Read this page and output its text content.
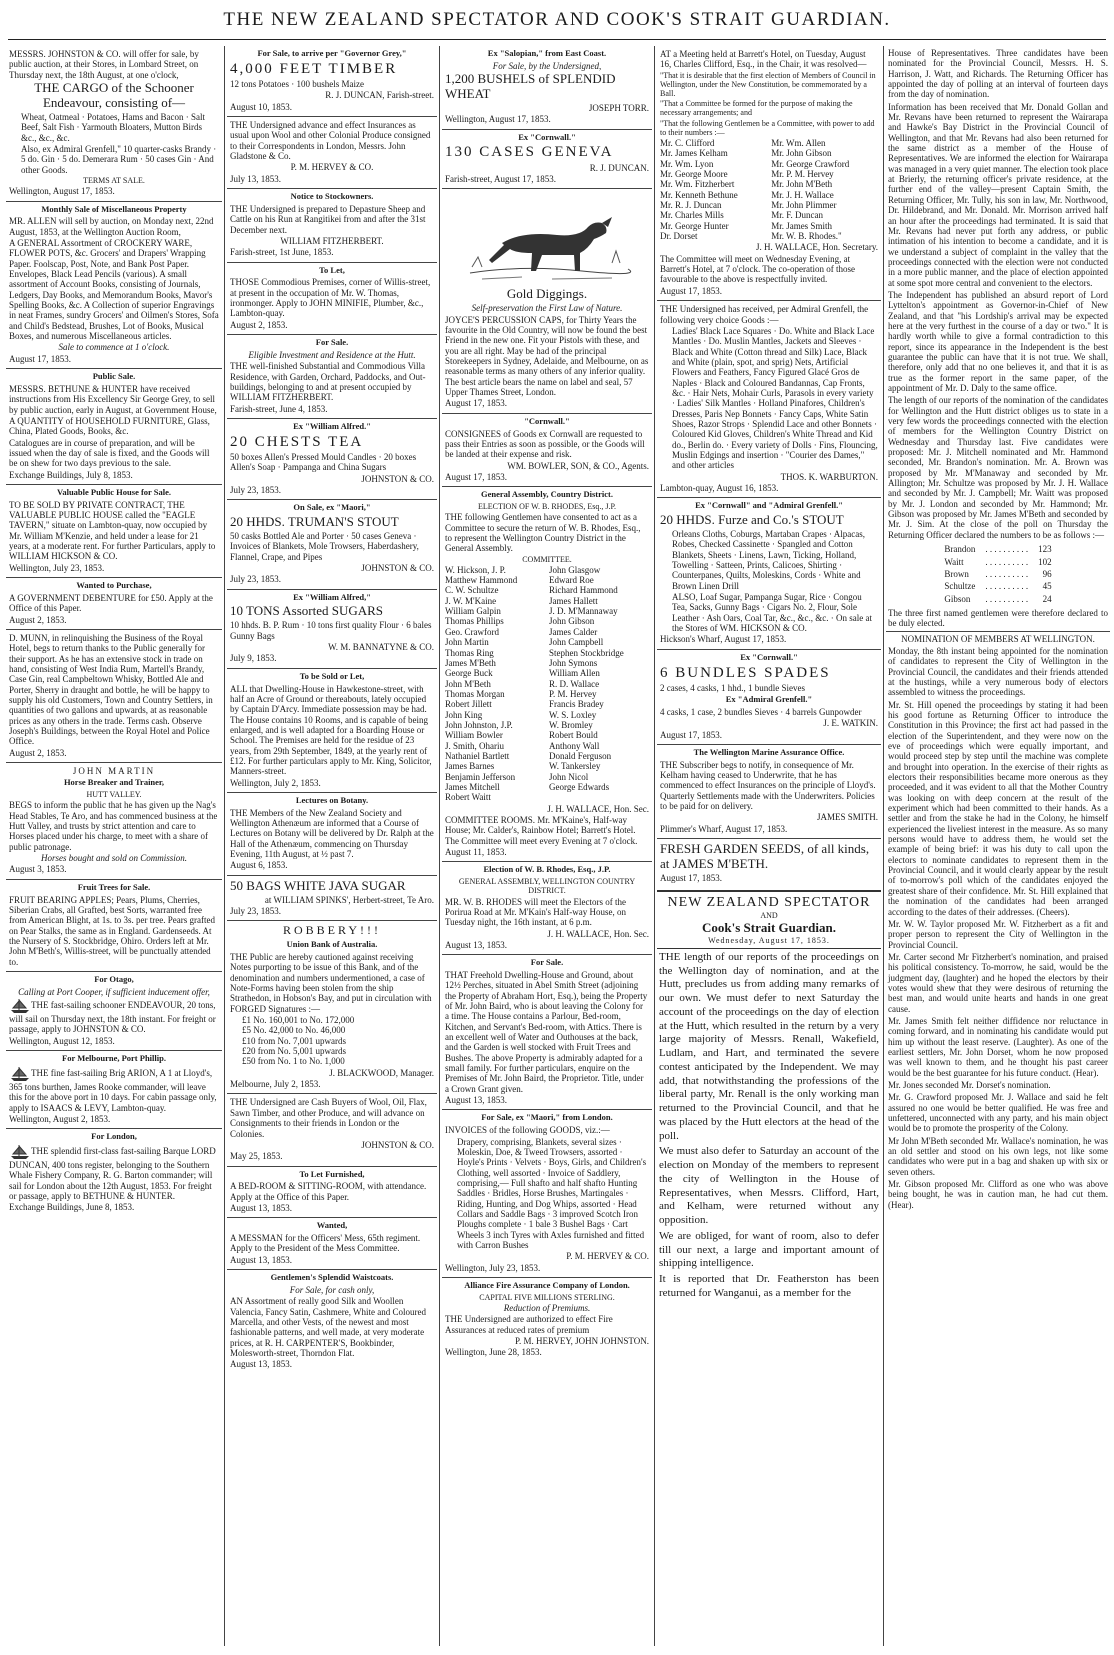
THE NEW ZEALAND SPECTATOR AND COOK'S STRAIT GUARDIAN.

MESSRS. JOHNSTON & CO. will offer for sale, by public auction, at their Stores, in Lombard Street, on Thursday next, the 18th August, at one o'clock,

THE CARGO of the Schooner Endeavour, consisting of—

Wheat, Oatmeal · Potatoes, Hams and Bacon · Salt Beef, Salt Fish · Yarmouth Bloaters, Mutton Birds &c., &c., &c.

Also, ex Admiral Grenfell," 10 quarter-casks Brandy · 5 do. Gin · 5 do. Demerara Rum · 50 cases Gin · And other Goods.

TERMS AT SALE.

Wellington, August 17, 1853.

Monthly Sale of Miscellaneous Property

MR. ALLEN will sell by auction, on Monday next, 22nd August, 1853, at the Wellington Auction Room,

A GENERAL Assortment of CROCKERY WARE, FLOWER POTS, &c. Grocers' and Drapers' Wrapping Paper. Foolscap, Post, Note, and Bank Post Paper. Envelopes, Black Lead Pencils (various). A small assortment of Account Books, consisting of Journals, Ledgers, Day Books, and Memorandum Books, Mavor's Spelling Books, &c. A Collection of superior Engravings in neat Frames, sundry Grocers' and Oilmen's Stores, Sofa and Child's Bedstead, Brushes, Lot of Books, Musical Boxes, and numerous Miscellaneous articles.

Sale to commence at 1 o'clock.

August 17, 1853.

Public Sale.

MESSRS. BETHUNE & HUNTER have received instructions from His Excellency Sir George Grey, to sell by public auction, early in August, at Government House,

A QUANTITY of HOUSEHOLD FURNITURE, Glass, China, Plated Goods, Books, &c.

Catalogues are in course of preparation, and will be issued when the day of sale is fixed, and the Goods will be on shew for two days previous to the sale.

Exchange Buildings, July 8, 1853.

Valuable Public House for Sale.

TO BE SOLD BY PRIVATE CONTRACT, THE VALUABLE PUBLIC HOUSE called the "EAGLE TAVERN," situate on Lambton-quay, now occupied by Mr. William M'Kenzie, and held under a lease for 21 years, at a moderate rent. For further Particulars, apply to WILLIAM HICKSON & CO.

Wellington, July 23, 1853.

Wanted to Purchase,

A GOVERNMENT DEBENTURE for £50. Apply at the Office of this Paper.

August 2, 1853.

D. MUNN, in relinquishing the Business of the Royal Hotel, begs to return thanks to the Public generally for their support. As he has an extensive stock in trade on hand, consisting of West India Rum, Martell's Brandy, Case Gin, real Campbeltown Whisky, Bottled Ale and Porter, Sherry in draught and bottle, he will be happy to supply his old Customers, Town and Country Settlers, in quantities of two gallons and upwards, at as reasonable prices as any others in the trade. Terms cash. Observe Joseph's Buildings, between the Royal Hotel and Police Office.

August 2, 1853.

JOHN MARTIN

Horse Breaker and Trainer,

HUTT VALLEY.

BEGS to inform the public that he has given up the Nag's Head Stables, Te Aro, and has commenced business at the Hutt Valley, and trusts by strict attention and care to Horses placed under his charge, to meet with a share of public patronage.

Horses bought and sold on Commission.

August 3, 1853.

Fruit Trees for Sale.

FRUIT BEARING APPLES; Pears, Plums, Cherries, Siberian Crabs, all Grafted, best Sorts, warranted free from American Blight, at 1s. to 3s. per tree. Pears grafted on Pear Stalks, the same as in England. Gardenseeds. At the Nursery of S. Stockbridge, Ohiro. Orders left at Mr. John M'Beth's, Willis-street, will be punctually attended to.

For Otago,

Calling at Port Cooper, if sufficient inducement offer,

THE fast-sailing schooner ENDEAVOUR, 20 tons, will sail on Thursday next, the 18th instant. For freight or passage, apply to JOHNSTON & CO.

Wellington, August 12, 1853.

For Melbourne, Port Phillip.

THE fine fast-sailing Brig ARION, A 1 at Lloyd's, 365 tons burthen, James Rooke commander, will leave this for the above port in 10 days. For cabin passage only, apply to ISAACS & LEVY, Lambton-quay.

Wellington, August 2, 1853.

For London,

THE splendid first-class fast-sailing Barque LORD DUNCAN, 400 tons register, belonging to the Southern Whale Fishery Company, R. G. Barton commander; will sail for London about the 12th August, 1853. For freight or passage, apply to BETHUNE & HUNTER.

Exchange Buildings, June 8, 1853.

For Sale, to arrive per "Governor Grey,"

4,000 FEET TIMBER

12 tons Potatoes · 100 bushels Maize

R. J. DUNCAN, Farish-street.

August 10, 1853.

THE Undersigned advance and effect Insurances as usual upon Wool and other Colonial Produce consigned to their Correspondents in London, Messrs. John Gladstone & Co.

P. M. HERVEY & CO.

July 13, 1853.

Notice to Stockowners.

THE Undersigned is prepared to Depasture Sheep and Cattle on his Run at Rangitikei from and after the 31st December next.

WILLIAM FITZHERBERT.

Farish-street, 1st June, 1853.

To Let,

THOSE Commodious Premises, corner of Willis-street, at present in the occupation of Mr. W. Thomas, ironmonger. Apply to JOHN MINIFIE, Plumber, &c., Lambton-quay.

August 2, 1853.

For Sale.

Eligible Investment and Residence at the Hutt.

THE well-finished Substantial and Commodious Villa Residence, with Garden, Orchard, Paddocks, and Out-buildings, belonging to and at present occupied by WILLIAM FITZHERBERT.

Farish-street, June 4, 1853.

Ex "William Alfred."

20 CHESTS TEA

50 boxes Allen's Pressed Mould Candles · 20 boxes Allen's Soap · Pampanga and China Sugars

JOHNSTON & CO.

July 23, 1853.

On Sale, ex "Maori,"

20 HHDS. TRUMAN'S STOUT

50 casks Bottled Ale and Porter · 50 cases Geneva · Invoices of Blankets, Mole Trowsers, Haberdashery, Flannel, Crape, and Pipes

JOHNSTON & CO.

July 23, 1853.

Ex "William Alfred,"

10 TONS Assorted SUGARS

10 hhds. B. P. Rum · 10 tons first quality Flour · 6 bales Gunny Bags

W. M. BANNATYNE & CO.

July 9, 1853.

To be Sold or Let,

ALL that Dwelling-House in Hawkestone-street, with half an Acre of Ground or thereabouts, lately occupied by Captain D'Arcy. Immediate possession may be had. The House contains 10 Rooms, and is capable of being enlarged, and is well adapted for a Boarding House or School. The Premises are held for the residue of 23 years, from 29th September, 1849, at the yearly rent of £12. For further particulars apply to Mr. King, Solicitor, Manners-street.

Wellington, July 2, 1853.

Lectures on Botany.

THE Members of the New Zealand Society and Wellington Athenæum are informed that a Course of Lectures on Botany will be delivered by Dr. Ralph at the Hall of the Athenæum, commencing on Thursday Evening, 11th August, at ½ past 7.

August 6, 1853.

50 BAGS WHITE JAVA SUGAR

at WILLIAM SPINKS', Herbert-street, Te Aro.

July 23, 1853.

ROBBERY!!!

Union Bank of Australia.

THE Public are hereby cautioned against receiving Notes purporting to be issue of this Bank, and of the denomination and numbers undermentioned, a case of Note-Forms having been stolen from the ship Strathedon, in Hobson's Bay, and put in circulation with FORGED Signatures :—

£1 No. 160,001 to No. 172,000
£5 No. 42,000 to No. 46,000
£10 from No. 7,001 upwards
£20 from No. 5,001 upwards
£50 from No. 1 to No. 1,000

J. BLACKWOOD, Manager.

Melbourne, July 2, 1853.

THE Undersigned are Cash Buyers of Wool, Oil, Flax, Sawn Timber, and other Produce, and will advance on Consignments to their friends in London or the Colonies.

JOHNSTON & CO.

May 25, 1853.

To Let Furnished,

A BED-ROOM & SITTING-ROOM, with attendance. Apply at the Office of this Paper.

August 13, 1853.

Wanted,

A MESSMAN for the Officers' Mess, 65th regiment. Apply to the President of the Mess Committee.

August 13, 1853.

Gentlemen's Splendid Waistcoats.

For Sale, for cash only,

AN Assortment of really good Silk and Woollen Valencia, Fancy Satin, Cashmere, White and Coloured Marcella, and other Vests, of the newest and most fashionable patterns, and well made, at very moderate prices, at R. H. CARPENTER'S, Bookbinder, Molesworth-street, Thorndon Flat.

August 13, 1853.

Ex "Salopian," from East Coast.

For Sale, by the Undersigned,

1,200 BUSHELS of SPLENDID WHEAT

JOSEPH TORR.

Wellington, August 17, 1853.

Ex "Cornwall."

130 CASES GENEVA

R. J. DUNCAN.

Farish-street, August 17, 1853.

Gold Diggings.

Self-preservation the First Law of Nature.

JOYCE'S PERCUSSION CAPS, for Thirty Years the favourite in the Old Country, will now be found the best Friend in the new one. Fit your Pistols with these, and you are all right. May be had of the principal Storekeepers in Sydney, Adelaide, and Melbourne, on as reasonable terms as many others of any inferior quality. The best article bears the name on label and seal, 57 Upper Thames Street, London.

August 17, 1853.

"Cornwall."

CONSIGNEES of Goods ex Cornwall are requested to pass their Entries as soon as possible, or the Goods will be landed at their expense and risk.

WM. BOWLER, SON, & CO., Agents.

August 17, 1853.

General Assembly, Country District.

ELECTION OF W. B. RHODES, Esq., J.P.

THE following Gentlemen have consented to act as a Committee to secure the return of W. B. Rhodes, Esq., to represent the Wellington Country District in the General Assembly.

COMMITTEE.

W. Hickson, J. P.
Matthew Hammond
C. W. Schultze
J. W. M'Kaine
William Galpin
Thomas Phillips
Geo. Crawford
John Martin
Thomas Ring
James M'Beth
George Buck
John M'Beth
Thomas Morgan
Robert Jillett
John King
John Johnston, J.P.
William Bowler
J. Smith, Ohariu
Nathaniel Bartlett
James Barnes
Benjamin Jefferson
James Mitchell
Robert Waitt
John Glasgow
Edward Roe
Richard Hammond
James Hallett
J. D. M'Mannaway
John Gibson
James Calder
John Campbell
Stephen Stockbridge
John Symons
William Allen
R. D. Wallace
P. M. Hervey
Francis Bradey
W. S. Loxley
W. Bromley
Robert Bould
Anthony Wall
Donald Ferguson
W. Tankersley
John Nicol
George Edwards

J. H. WALLACE, Hon. Sec.

COMMITTEE ROOMS. Mr. M'Kaine's, Half-way House; Mr. Calder's, Rainbow Hotel; Barrett's Hotel. The Committee will meet every Evening at 7 o'clock.

August 11, 1853.

Election of W. B. Rhodes, Esq., J.P.

GENERAL ASSEMBLY, WELLINGTON COUNTRY DISTRICT.

MR. W. B. RHODES will meet the Electors of the Porirua Road at Mr. M'Kain's Half-way House, on Tuesday night, the 16th instant, at 6 p.m.

J. H. WALLACE, Hon. Sec.

August 13, 1853.

For Sale.

THAT Freehold Dwelling-House and Ground, about 12½ Perches, situated in Abel Smith Street (adjoining the Property of Abraham Hort, Esq.), being the Property of Mr. John Baird, who is about leaving the Colony for a time. The House contains a Parlour, Bed-room, Kitchen, and Servant's Bed-room, with Attics. There is an excellent well of Water and Outhouses at the back, and the Garden is well stocked with Fruit Trees and Bushes. The above Property is admirably adapted for a small family. For further particulars, enquire on the Premises of Mr. John Baird, the Proprietor. Title, under a Crown Grant given.

August 13, 1853.

For Sale, ex "Maori," from London.

INVOICES of the following GOODS, viz.:—

Drapery, comprising, Blankets, several sizes · Moleskin, Doe, & Tweed Trowsers, assorted · Hoyle's Prints · Velvets · Boys, Girls, and Children's Clothing, well assorted · Invoice of Saddlery, comprising,— Full shafto and half shafto Hunting Saddles · Bridles, Horse Brushes, Martingales · Riding, Hunting, and Dog Whips, assorted · Head Collars and Saddle Bags · 3 improved Scotch Iron Ploughs complete · 1 bale 3 Bushel Bags · Cart Wheels 3 inch Tyres with Axles furnished and fitted with Carron Bushes

P. M. HERVEY & CO.

Wellington, July 23, 1853.

Alliance Fire Assurance Company of London.

CAPITAL FIVE MILLIONS STERLING.

Reduction of Premiums.

THE Undersigned are authorized to effect Fire Assurances at reduced rates of premium

P. M. HERVEY, JOHN JOHNSTON.

Wellington, June 28, 1853.

AT a Meeting held at Barrett's Hotel, on Tuesday, August 16, Charles Clifford, Esq., in the Chair, it was resolved—

"That it is desirable that the first election of Members of Council in Wellington, under the New Constitution, be commemorated by a Ball.

"That a Committee be formed for the purpose of making the necessary arrangements; and

"That the following Gentlemen be a Committee, with power to add to their numbers :—

Mr. C. Clifford
Mr. James Kelham
Mr. Wm. Lyon
Mr. George Moore
Mr. Wm. Fitzherbert
Mr. Kenneth Bethune
Mr. R. J. Duncan
Mr. Charles Mills
Mr. George Hunter
Dr. Dorset
Mr. Wm. Allen
Mr. John Gibson
Mr. George Crawford
Mr. P. M. Hervey
Mr. John M'Beth
Mr. J. H. Wallace
Mr. John Plimmer
Mr. F. Duncan
Mr. James Smith
Mr. W. B. Rhodes."

J. H. WALLACE, Hon. Secretary.

The Committee will meet on Wednesday Evening, at Barrett's Hotel, at 7 o'clock. The co-operation of those favourable to the above is respectfully invited.

August 17, 1853.

THE Undersigned has received, per Admiral Grenfell, the following very choice Goods :—

Ladies' Black Lace Squares · Do. White and Black Lace Mantles · Do. Muslin Mantles, Jackets and Sleeves · Black and White (Cotton thread and Silk) Lace, Black and White (plain, spot, and sprig) Nets, Artificial Flowers and Feathers, Fancy Figured Glacé Gros de Naples · Black and Coloured Bandannas, Cap Fronts, &c. · Hair Nets, Mohair Curls, Parasols in every variety · Ladies' Silk Mantles · Holland Pinafores, Children's Dresses, Paris Nep Bonnets · Fancy Caps, White Satin Shoes, Razor Strops · Splendid Lace and other Bonnets · Coloured Kid Gloves, Children's White Thread and Kid do., Berlin do. · Every variety of Dolls · Fins, Flouncing, Muslin Edgings and insertion · "Courier des Dames," and other articles

THOS. K. WARBURTON.

Lambton-quay, August 16, 1853.

Ex "Cornwall" and "Admiral Grenfell."

20 HHDS. Furze and Co.'s STOUT

Orleans Cloths, Coburgs, Martaban Crapes · Alpacas, Robes, Checked Cassinette · Spangled and Cotton Blankets, Sheets · Linens, Lawn, Ticking, Holland, Towelling · Satteen, Prints, Calicoes, Shirting · Counterpanes, Quilts, Moleskins, Cords · White and Brown Linen Drill

ALSO, Loaf Sugar, Pampanga Sugar, Rice · Congou Tea, Sacks, Gunny Bags · Cigars No. 2, Flour, Sole Leather · Ash Oars, Coal Tar, &c., &c., &c. · On sale at the Stores of WM. HICKSON & CO.

Hickson's Wharf, August 17, 1853.

Ex "Cornwall."

6 BUNDLES SPADES

2 cases, 4 casks, 1 hhd., 1 bundle Sieves

Ex "Admiral Grenfell."

4 casks, 1 case, 2 bundles Sieves · 4 barrels Gunpowder

J. E. WATKIN.

August 17, 1853.

The Wellington Marine Assurance Office.

THE Subscriber begs to notify, in consequence of Mr. Kelham having ceased to Underwrite, that he has commenced to effect Insurances on the principle of Lloyd's. Quarterly Settlements made with the Underwriters. Policies to be paid for on delivery.

JAMES SMITH.

Plimmer's Wharf, August 17, 1853.

FRESH GARDEN SEEDS, of all kinds, at JAMES M'BETH.

August 17, 1853.

NEW ZEALAND SPECTATOR
AND
Cook's Strait Guardian.
Wednesday, August 17, 1853.

THE length of our reports of the proceedings on the Wellington day of nomination, and at the Hutt, precludes us from adding many remarks of our own. We must defer to next Saturday the account of the proceedings on the day of election at the Hutt, which resulted in the return by a very large majority of Messrs. Renall, Wakefield, Ludlam, and Hart, and terminated the severe contest anticipated by the Independent. We may add, that notwithstanding the professions of the liberal party, Mr. Renall is the only working man returned to the Provincial Council, and that he was placed by the Hutt electors at the head of the poll.

We must also defer to Saturday an account of the election on Monday of the members to represent the city of Wellington in the House of Representatives, when Messrs. Clifford, Hart, and Kelham, were returned without any opposition.

We are obliged, for want of room, also to defer till our next, a large and important amount of shipping intelligence.

It is reported that Dr. Featherston has been returned for Wanganui, as a member for the

House of Representatives. Three candidates have been nominated for the Provincial Council, Messrs. H. S. Harrison, J. Watt, and Richards. The Returning Officer has appointed the day of polling at an interval of fourteen days from the day of nomination.

Information has been received that Mr. Donald Gollan and Mr. Revans have been returned to represent the Wairarapa and Hawke's Bay District in the Provincial Council of Wellington, and that Mr. Revans had also been returned for the same district as a member of the House of Representatives. We are informed the election for Wairarapa was managed in a very quiet manner. The election took place at Brierly, the returning officer's private residence, at the further end of the valley—present Captain Smith, the Returning Officer, Mr. Tully, his son in law, Mr. Northwood, Dr. Hildebrand, and Mr. Donald. Mr. Morrison arrived half an hour after the proceedings had terminated. It is said that Mr. Revans had never put forth any address, or public intimation of his intention to become a candidate, and it is we understand a subject of complaint in the valley that the proceedings connected with the election were not conducted in a more public manner, and the place of election appointed at some spot more central and convenient to the electors.

The Independent has published an absurd report of Lord Lyttelton's appointment as Governor-in-Chief of New Zealand, and that "his Lordship's arrival may be expected here at the very furthest in the course of a day or two." It is hardly worth while to give a formal contradiction to this report, since its appearance in the Independent is the best guarantee the public can have that it is not true. We shall, therefore, only add that no one believes it, and that it is as true as the former report in the same paper, of the appointment of Mr. D. Daly to the same office.

The length of our reports of the nomination of the candidates for Wellington and the Hutt district obliges us to state in a very few words the proceedings connected with the election of members for the Wellington Country District on Wednesday and Thursday last. Five candidates were proposed: Mr. J. Mitchell nominated and Mr. Hammond seconded, Mr. Brandon's nomination. Mr. A. Brown was proposed by Mr. M'Manaway and seconded by Mr. Allington; Mr. Schultze was proposed by Mr. J. H. Wallace and seconded by Mr. J. Campbell; Mr. Waitt was proposed by Mr. J. London and seconded by Mr. Hammond; Mr. Gibson was proposed by Mr. James M'Beth and seconded by Mr. J. Sim. At the close of the poll on Thursday the Returning Officer declared the numbers to be as follows :—

Brandon	. . . . . . . . . .	123
Waitt	. . . . . . . . . .	102
Brown	. . . . . . . . . .	96
Schultze	. . . . . . . . . .	45
Gibson	. . . . . . . . . .	24

The three first named gentlemen were therefore declared to be duly elected.

NOMINATION OF MEMBERS AT WELLINGTON.

Monday, the 8th instant being appointed for the nomination of candidates to represent the City of Wellington in the Provincial Council, the candidates and their friends attended at the hustings, while a very numerous body of electors assembled to witness the proceedings.

Mr. St. Hill opened the proceedings by stating it had been his good fortune as Returning Officer to introduce the Constitution in this Province; the first act had passed in the election of the Superintendent, and they were now on the eve of proceedings which were equally important, and would proceed step by step until the machine was complete and brought into operation. In the exercise of their rights as electors their responsibilities became more onerous as they proceeded, and it was evident to all that the Mother Country was looking on with deep concern at the result of the experiment which had been committed to their hands. As a settler and from the stake he had in the Colony, he himself experienced the liveliest interest in the measure. As so many persons would have to address them, he would set the example of being brief: it was his duty to call upon the electors to nominate candidates to represent them in the Provincial Council, and it would clearly appear by the result of to-morrow's poll which of the candidates enjoyed the greatest share of their confidence. Mr. St. Hill explained that the nomination of the candidates had been arranged according to the dates of their addresses. (Cheers).

Mr. W. W. Taylor proposed Mr. W. Fitzherbert as a fit and proper person to represent the City of Wellington in the Provincial Council.

Mr. Carter second Mr Fitzherbert's nomination, and praised his political consistency. To-morrow, he said, would be the judgment day, (laughter) and he hoped the electors by their votes would shew that they were desirous of returning the best man, and would unite hearts and hands in one great cause.

Mr. James Smith felt neither diffidence nor reluctance in coming forward, and in nominating his candidate would put him up without the least reserve. (Laughter). As one of the earliest settlers, Mr. John Dorset, whom he now proposed was well known to them, and he thought his past career would be the best guarantee for his future conduct. (Hear).

Mr. Jones seconded Mr. Dorset's nomination.

Mr. G. Crawford proposed Mr. J. Wallace and said he felt assured no one would be better qualified. He was free and unfettered, unconnected with any party, and his main object would be to promote the prosperity of the Colony.

Mr John M'Beth seconded Mr. Wallace's nomination, he was an old settler and stood on his own legs, not like some candidates who were put in a bag and shaken up with six or seven others.

Mr. Gibson proposed Mr. Clifford as one who was above being bought, he was in caution man, he had cut them. (Hear).
